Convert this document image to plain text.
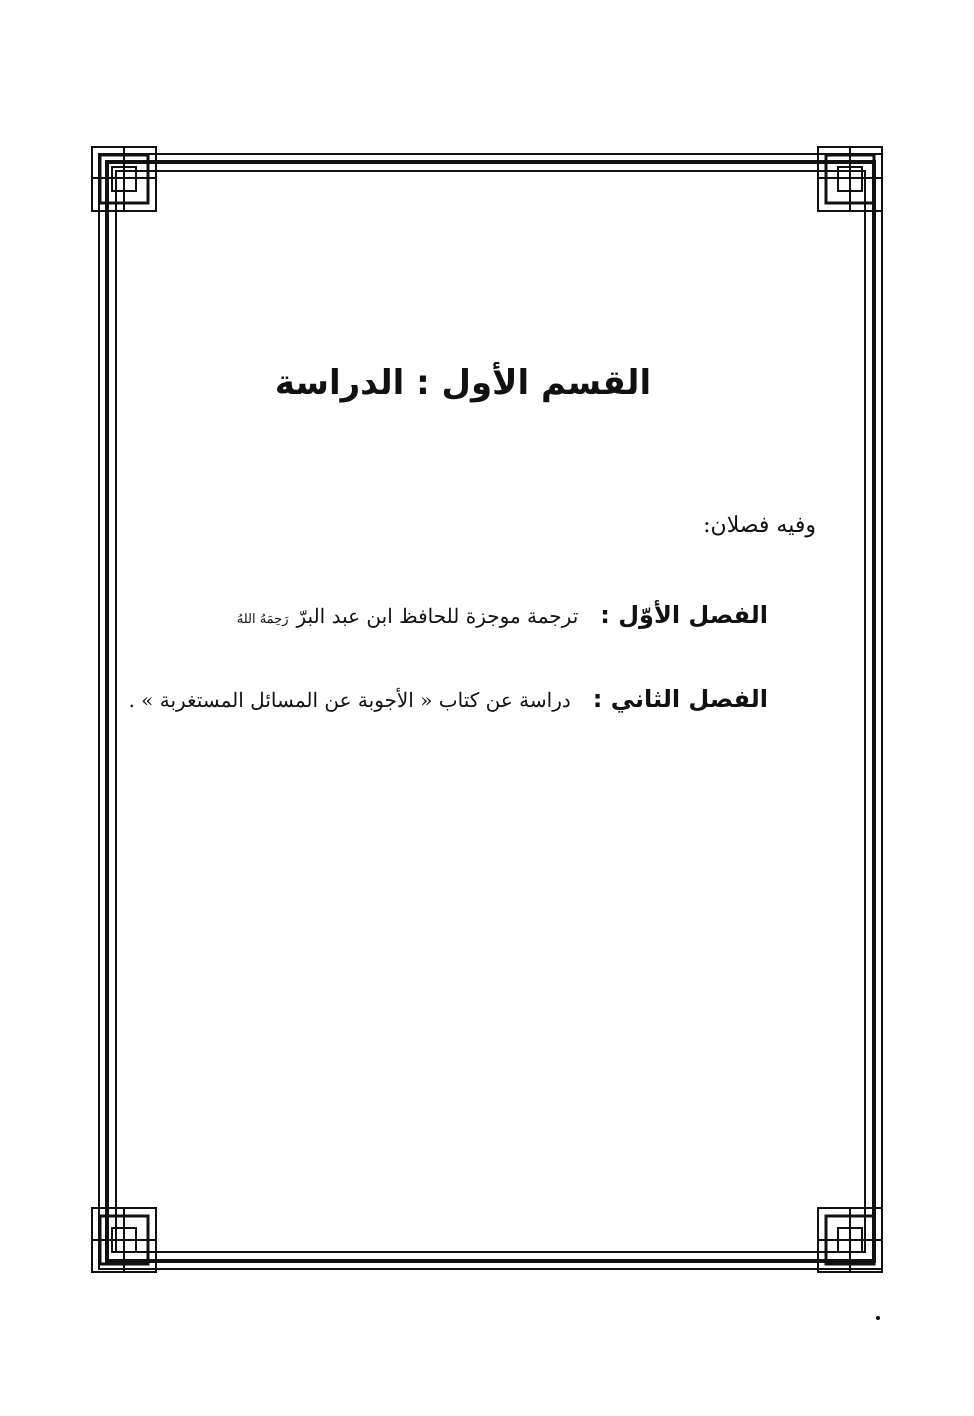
القسم الأول : الدراسة
وفيه فصلان:
الفصل الأوّل :
ترجمة موجزة للحافظ ابن عبد البرّ
رَحِمَهُ اللهُ
الفصل الثاني :
دراسة عن كتاب « الأجوبة عن المسائل المستغربة » .
